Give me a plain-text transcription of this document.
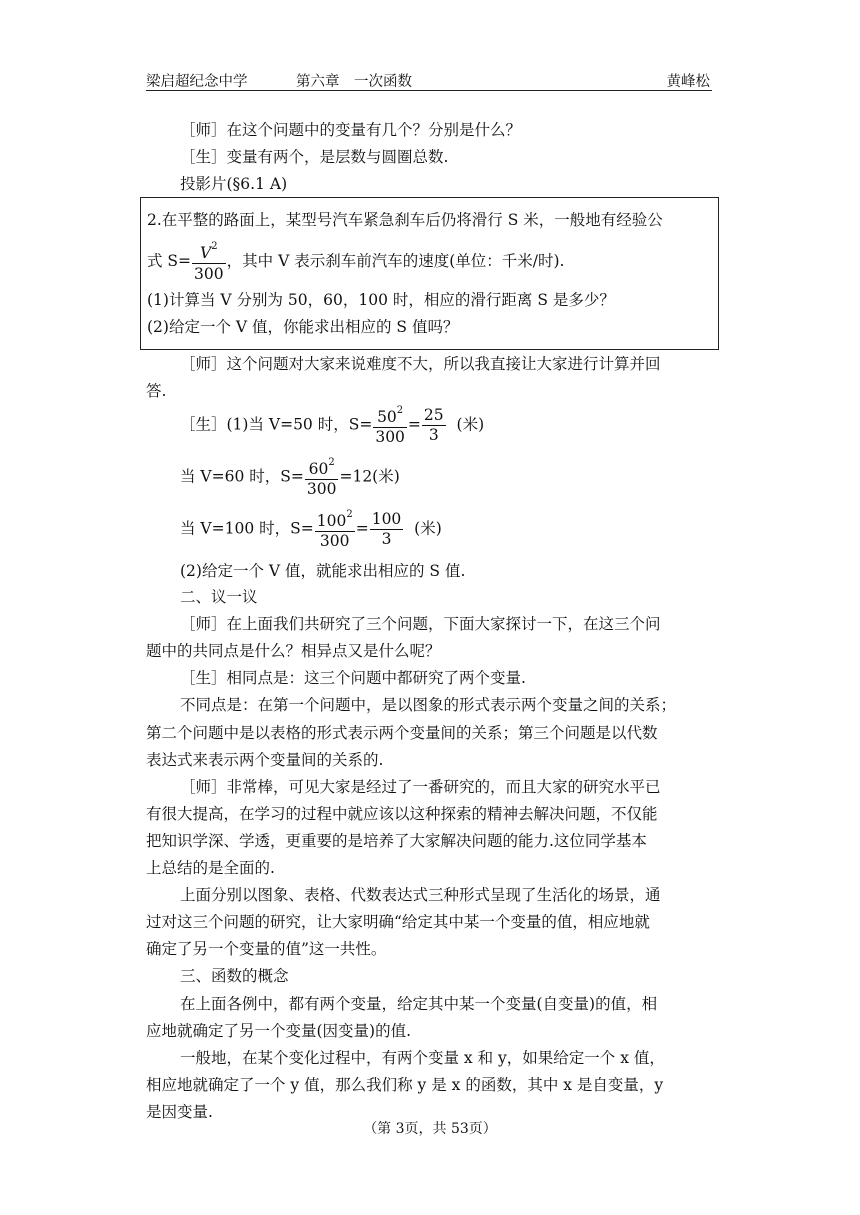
梁启超纪念中学	第六章　一次函数	黄峰松
［师］在这个问题中的变量有几个？分别是什么？
［生］变量有两个，是层数与圆圈总数.
投影片(§6.1 A)
2.在平整的路面上，某型号汽车紧急刹车后仍将滑行 S 米，一般地有经验公
式 $S= \frac{V^2}{300}$ ，其中 V 表示刹车前汽车的速度(单位：千米/时).
(1)计算当 V 分别为 50，60，100 时，相应的滑行距离 S 是多少？
(2)给定一个 V 值，你能求出相应的 S 值吗？
［师］这个问题对大家来说难度不大，所以我直接让大家进行计算并回
答.
［生］(1)当 V=50 时，$S= \frac{50^2}{300} = \frac{25}{3}$ (米)
当 V=60 时，$S= \frac{60^2}{300} =12$(米)
当 V=100 时，$S= \frac{100^2}{300} = \frac{100}{3}$ (米)
(2)给定一个 V 值，就能求出相应的 S 值.
二、议一议
［师］在上面我们共研究了三个问题，下面大家探讨一下，在这三个问
题中的共同点是什么？相异点又是什么呢？
［生］相同点是：这三个问题中都研究了两个变量.
不同点是：在第一个问题中，是以图象的形式表示两个变量之间的关系；
第二个问题中是以表格的形式表示两个变量间的关系；第三个问题是以代数
表达式来表示两个变量间的关系的.
［师］非常棒，可见大家是经过了一番研究的，而且大家的研究水平已
有很大提高，在学习的过程中就应该以这种探索的精神去解决问题，不仅能
把知识学深、学透，更重要的是培养了大家解决问题的能力.这位同学基本
上总结的是全面的.
上面分别以图象、表格、代数表达式三种形式呈现了生活化的场景，通
过对这三个问题的研究，让大家明确“给定其中某一个变量的值，相应地就
确定了另一个变量的值”这一共性。
三、函数的概念
在上面各例中，都有两个变量，给定其中某一个变量(自变量)的值，相
应地就确定了另一个变量(因变量)的值.
一般地，在某个变化过程中，有两个变量 x 和 y，如果给定一个 x 值，
相应地就确定了一个 y 值，那么我们称 y 是 x 的函数，其中 x 是自变量，y
是因变量.
（第 3页，共 53页）
